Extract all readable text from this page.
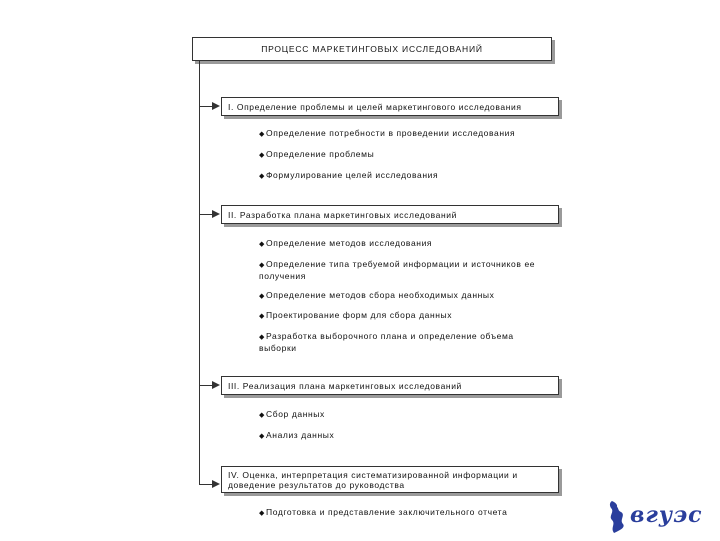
ПРОЦЕСС МАРКЕТИНГОВЫХ ИССЛЕДОВАНИЙ
I. Определение проблемы и целей маркетингового исследования
◆Определение потребности в проведении исследования
◆Определение проблемы
◆Формулирование целей исследования
II. Разработка плана маркетинговых исследований
◆Определение методов исследования
◆Определение типа требуемой информации и источников ее получения
◆Определение методов сбора необходимых данных
◆Проектирование форм для сбора данных
◆Разработка выборочного плана и определение объема выборки
III. Реализация плана маркетинговых исследований
◆Сбор данных
◆Анализ данных
IV. Оценка, интерпретация систематизированной информации и доведение результатов до руководства
◆Подготовка и представление заключительного отчета	вгуэс
